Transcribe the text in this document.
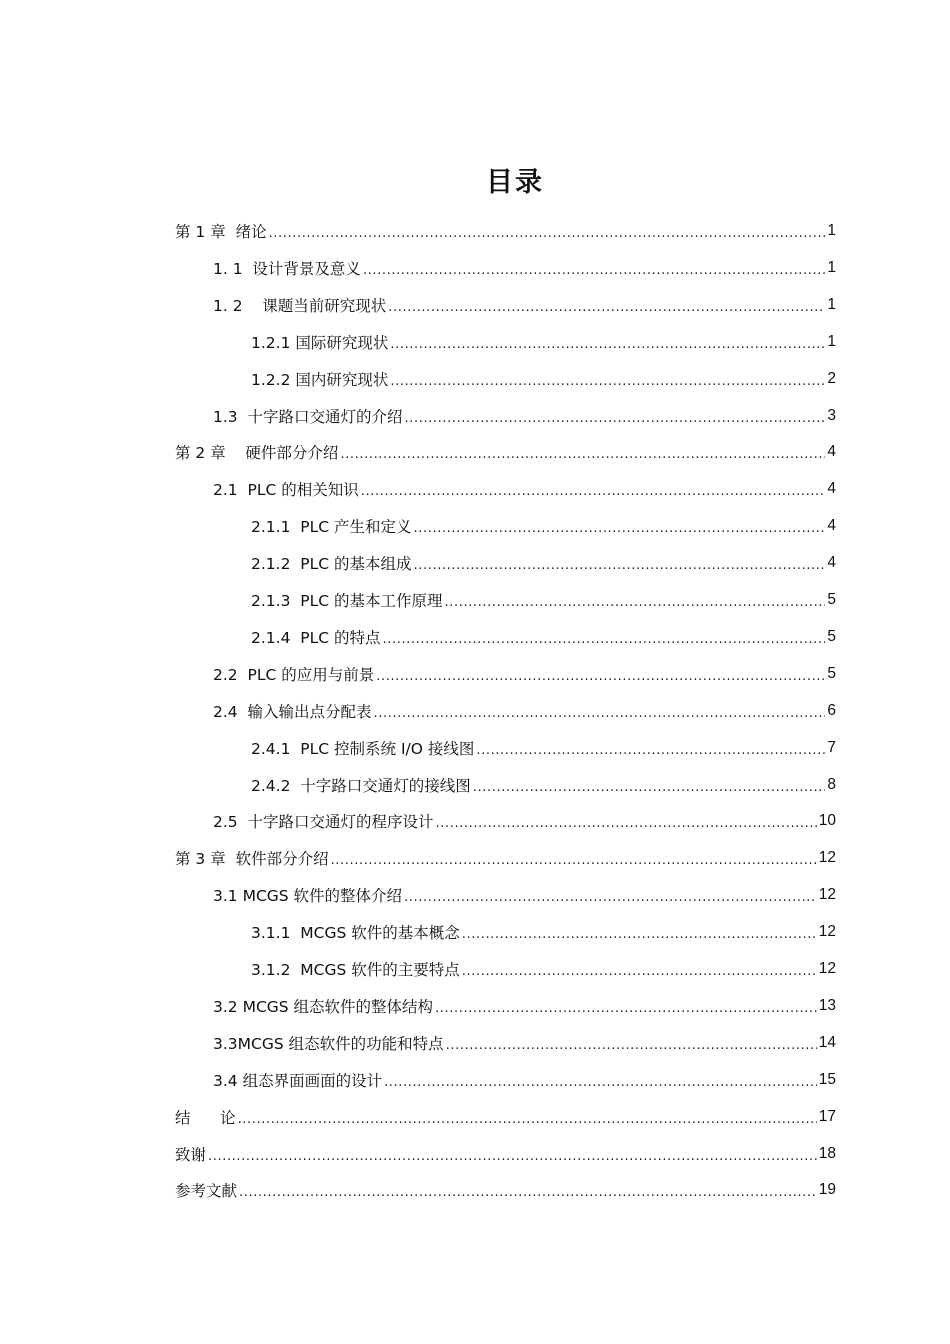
目录
第 1 章  绪论 .....	1
1. 1  设计背景及意义 .....	1
1. 2    课题当前研究现状 .....	1
1.2.1 国际研究现状 .....	1
1.2.2 国内研究现状 .....	2
1.3  十字路口交通灯的介绍 .....	3
第 2 章    硬件部分介绍 .....	4
2.1  PLC 的相关知识 .....	4
2.1.1  PLC 产生和定义 .....	4
2.1.2  PLC 的基本组成 .....	4
2.1.3  PLC 的基本工作原理 .....	5
2.1.4  PLC 的特点 .....	5
2.2  PLC 的应用与前景 .....	5
2.4  输入输出点分配表 .....	6
2.4.1  PLC 控制系统 I/O 接线图 .....	7
2.4.2  十字路口交通灯的接线图 .....	8
2.5  十字路口交通灯的程序设计 .....	10
第 3 章  软件部分介绍 .....	12
3.1 MCGS 软件的整体介绍 .....	12
3.1.1  MCGS 软件的基本概念 .....	12
3.1.2  MCGS 软件的主要特点 .....	12
3.2 MCGS 组态软件的整体结构 .....	13
3.3MCGS 组态软件的功能和特点 .....	14
3.4 组态界面画面的设计 .....	15
结      论 .....	17
致谢 .....	18
参考文献 .....	19
